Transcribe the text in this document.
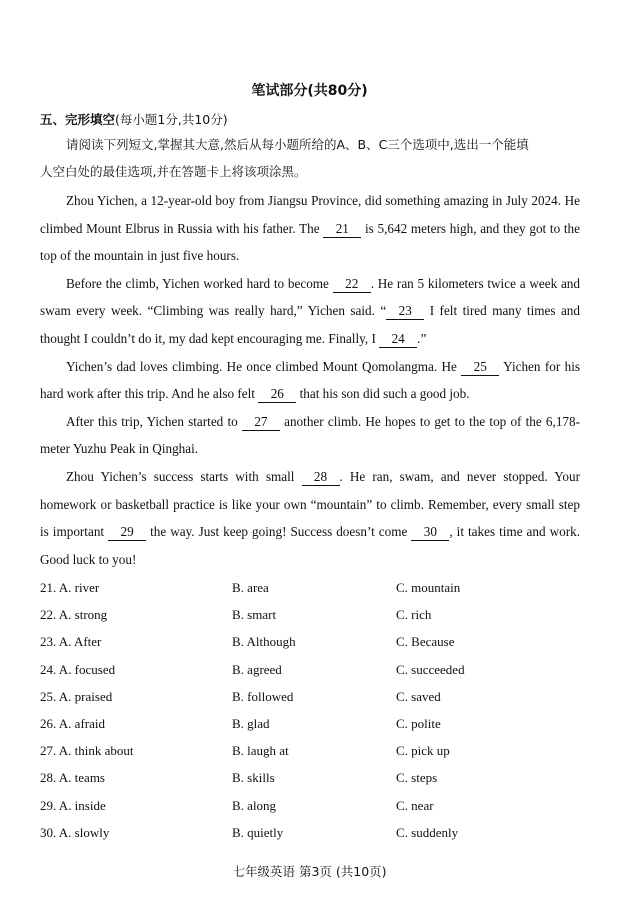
笔试部分(共80分)
五、完形填空(每小题1分,共10分)
请阅读下列短文,掌握其大意,然后从每小题所给的A、B、C三个选项中,选出一个能填
人空白处的最佳选项,并在答题卡上将该项涂黑。

Zhou Yichen, a 12-year-old boy from Jiangsu Province, did something amazing in July 2024. He climbed Mount Elbrus in Russia with his father. The 21 is 5,642 meters high, and they got to the top of the mountain in just five hours.

Before the climb, Yichen worked hard to become 22 . He ran 5 kilometers twice a week and swam every week. “Climbing was really hard,” Yichen said. “ 23 I felt tired many times and thought I couldn’t do it, my dad kept encouraging me. Finally, I 24 .”

Yichen’s dad loves climbing. He once climbed Mount Qomolangma. He 25 Yichen for his hard work after this trip. And he also felt 26 that his son did such a good job.

After this trip, Yichen started to 27 another climb. He hopes to get to the top of the 6,178-meter Yuzhu Peak in Qinghai.

Zhou Yichen’s success starts with small 28 . He ran, swam, and never stopped. Your homework or basketball practice is like your own “mountain” to climb. Remember, every small step is important 29 the way. Just keep going! Success doesn’t come 30 , it takes time and work. Good luck to you!

21. A. river	B. area	C. mountain
22. A. strong	B. smart	C. rich
23. A. After	B. Although	C. Because
24. A. focused	B. agreed	C. succeeded
25. A. praised	B. followed	C. saved
26. A. afraid	B. glad	C. polite
27. A. think about	B. laugh at	C. pick up
28. A. teams	B. skills	C. steps
29. A. inside	B. along	C. near
30. A. slowly	B. quietly	C. suddenly
七年级英语 第3页 (共10页)
